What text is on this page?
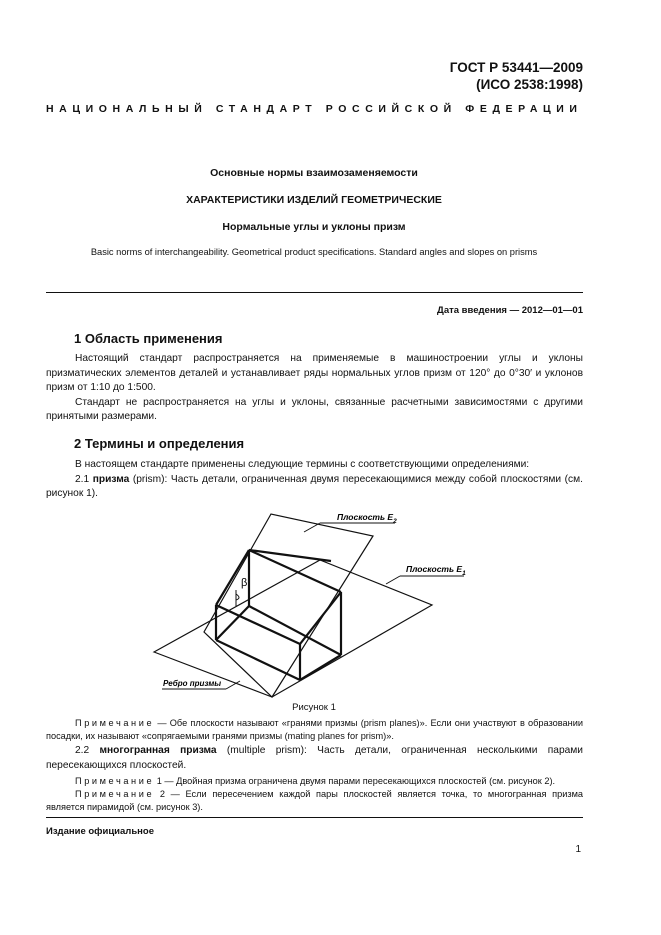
ГОСТ Р 53441—2009
(ИСО 2538:1998)
НАЦИОНАЛЬНЫЙ СТАНДАРТ РОССИЙСКОЙ ФЕДЕРАЦИИ
Основные нормы взаимозаменяемости
ХАРАКТЕРИСТИКИ ИЗДЕЛИЙ ГЕОМЕТРИЧЕСКИЕ
Нормальные углы и уклоны призм
Basic norms of interchangeability. Geometrical product specifications. Standard angles and slopes on prisms
Дата введения — 2012—01—01
1 Область применения

Настоящий стандарт распространяется на применяемые в машиностроении углы и уклоны призматических элементов деталей и устанавливает ряды нормальных углов призм от 120° до 0°30′ и уклонов призм от 1:10 до 1:500.

Стандарт не распространяется на углы и уклоны, связанные расчетными зависимостями с другими принятыми размерами.

2 Термины и определения

В настоящем стандарте применены следующие термины с соответствующими определениями:

2.1 призма (prism): Часть детали, ограниченная двумя пересекающимися между собой плоскостями (см. рисунок 1).

β
Плоскость $E_2$
Плоскость $E_1$
Ребро призмы
Рисунок 1

Примечание — Обе плоскости называют «гранями призмы (prism planes)». Если они участвуют в образовании посадки, их называют «сопрягаемыми гранями призмы (mating planes for prism)».

2.2 многогранная призма (multiple prism): Часть детали, ограниченная несколькими парами пересекающихся плоскостей.

Примечание 1 — Двойная призма ограничена двумя парами пересекающихся плоскостей (см. рисунок 2).

Примечание 2 — Если пересечением каждой пары плоскостей является точка, то многогранная призма является пирамидой (см. рисунок 3).

Издание официальное
1
